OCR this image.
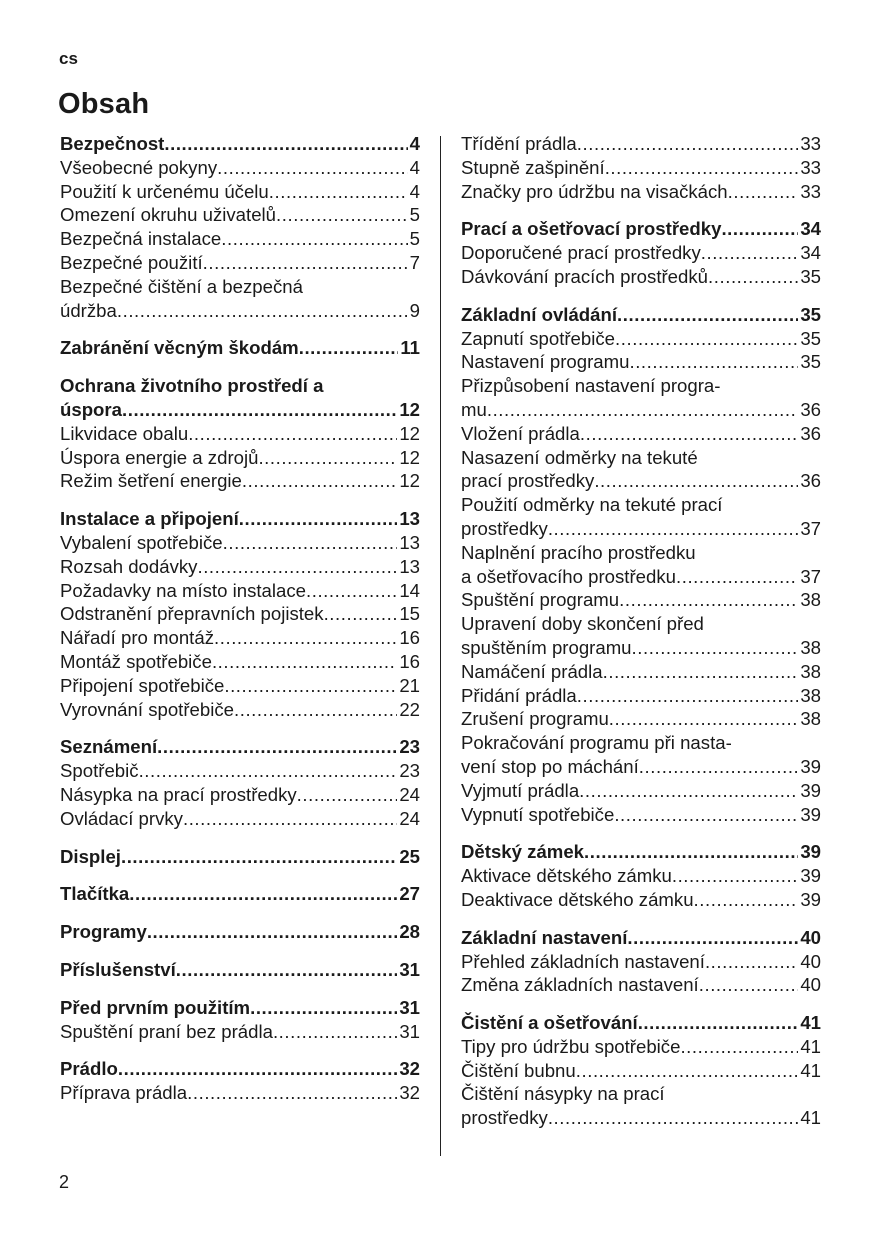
cs
Obsah
Bezpečnost . . .	4
Všeobecné pokyny . . .	4
Použití k určenému účelu . . .	4
Omezení okruhu uživatelů . . .	5
Bezpečná instalace . . .	5
Bezpečné použití . . .	7
Bezpečné čištění a bezpečná
údržba . . .	9
Zabránění věcným škodám . . .	11
Ochrana životního prostředí a
úspora . . .	12
Likvidace obalu . . .	12
Úspora energie a zdrojů . . .	12
Režim šetření energie . . .	12
Instalace a připojení . . .	13
Vybalení spotřebiče . . .	13
Rozsah dodávky . . .	13
Požadavky na místo instalace . . .	14
Odstranění přepravních pojistek . . .	15
Nářadí pro montáž . . .	16
Montáž spotřebiče . . .	16
Připojení spotřebiče . . .	21
Vyrovnání spotřebiče . . .	22
Seznámení . . .	23
Spotřebič . . .	23
Násypka na prací prostředky . . .	24
Ovládací prvky . . .	24
Displej . . .	25
Tlačítka . . .	27
Programy . . .	28
Příslušenství . . .	31
Před prvním použitím . . .	31
Spuštění praní bez prádla . . .	31
Prádlo . . .	32
Příprava prádla . . .	32
Třídění prádla . . .	33
Stupně zašpinění . . .	33
Značky pro údržbu na visačkách . . .	33
Prací a ošetřovací prostředky . . .	34
Doporučené prací prostředky . . .	34
Dávkování pracích prostředků . . .	35
Základní ovládání . . .	35
Zapnutí spotřebiče . . .	35
Nastavení programu . . .	35
Přizpůsobení nastavení progra-
mu . . .	36
Vložení prádla . . .	36
Nasazení odměrky na tekuté
prací prostředky . . .	36
Použití odměrky na tekuté prací
prostředky . . .	37
Naplnění pracího prostředku
a ošetřovacího prostředku . . .	37
Spuštění programu . . .	38
Upravení doby skončení před
spuštěním programu . . .	38
Namáčení prádla . . .	38
Přidání prádla . . .	38
Zrušení programu . . .	38
Pokračování programu při nasta-
vení stop po máchání . . .	39
Vyjmutí prádla . . .	39
Vypnutí spotřebiče . . .	39
Dětský zámek . . .	39
Aktivace dětského zámku . . .	39
Deaktivace dětského zámku . . .	39
Základní nastavení . . .	40
Přehled základních nastavení . . .	40
Změna základních nastavení . . .	40
Čistění a ošetřování . . .	41
Tipy pro údržbu spotřebiče . . .	41
Čištění bubnu . . .	41
Čištění násypky na prací
prostředky . . .	41
2
